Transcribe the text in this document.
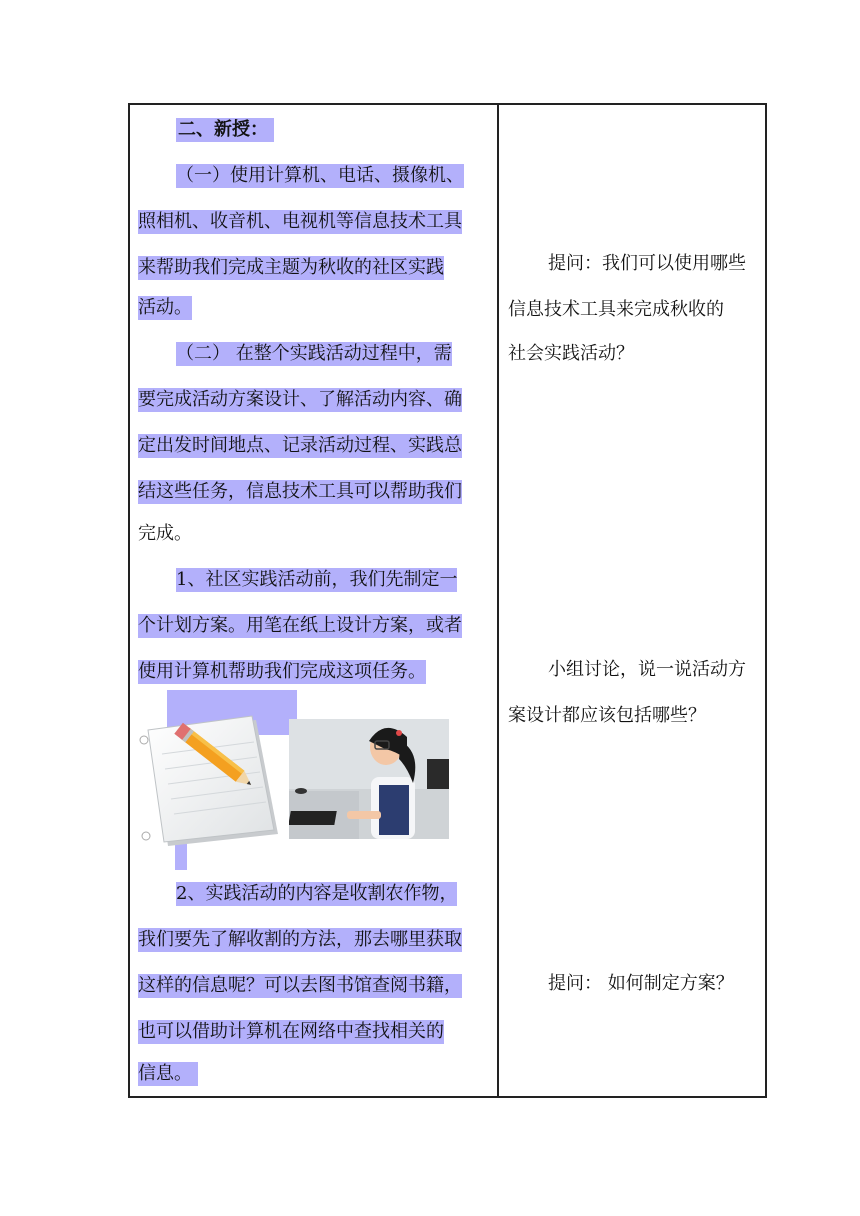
二、新授：
（一）使用计算机、电话、摄像机、
照相机、收音机、电视机等信息技术工具
来帮助我们完成主题为秋收的社区实践
活动。
（二） 在整个实践活动过程中，需
要完成活动方案设计、了解活动内容、确
定出发时间地点、记录活动过程、实践总
结这些任务，信息技术工具可以帮助我们
完成。
1、社区实践活动前，我们先制定一
个计划方案。用笔在纸上设计方案，或者
使用计算机帮助我们完成这项任务。
2、实践活动的内容是收割农作物，
我们要先了解收割的方法，那去哪里获取
这样的信息呢？可以去图书馆查阅书籍，
也可以借助计算机在网络中查找相关的
信息。
提问：我们可以使用哪些
信息技术工具来完成秋收的
社会实践活动？
小组讨论，说一说活动方
案设计都应该包括哪些？
提问： 如何制定方案？
